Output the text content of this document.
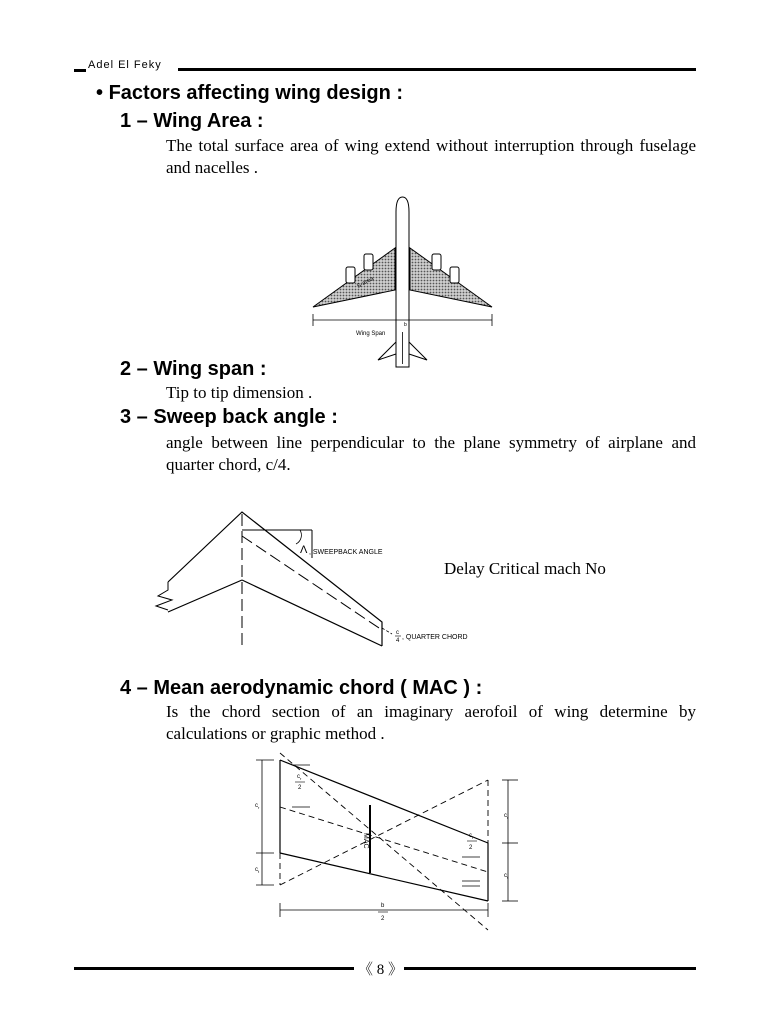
Adel El Feky
• Factors affecting wing design :
1 – Wing Area :
The total surface area of wing extend without interruption through fuselage and nacelles .
S-area
b
Wing Span
2 – Wing span :
Tip to tip dimension .
3 – Sweep back angle :
angle between line perpendicular to the plane symmetry of airplane and quarter chord, c/4.
Λ , SWEEPBACK ANGLE
c
4 , QUARTER CHORD
Delay Critical mach No
4 – Mean aerodynamic chord ( MAC ) :
Is the chord section of an imaginary aerofoil of wing determine by calculations or graphic method .
MAC
$c_r$
$c_t$
$c_r$
2
$c_r$
$c_t$
$c_t$
2
b
2
《 8 》
